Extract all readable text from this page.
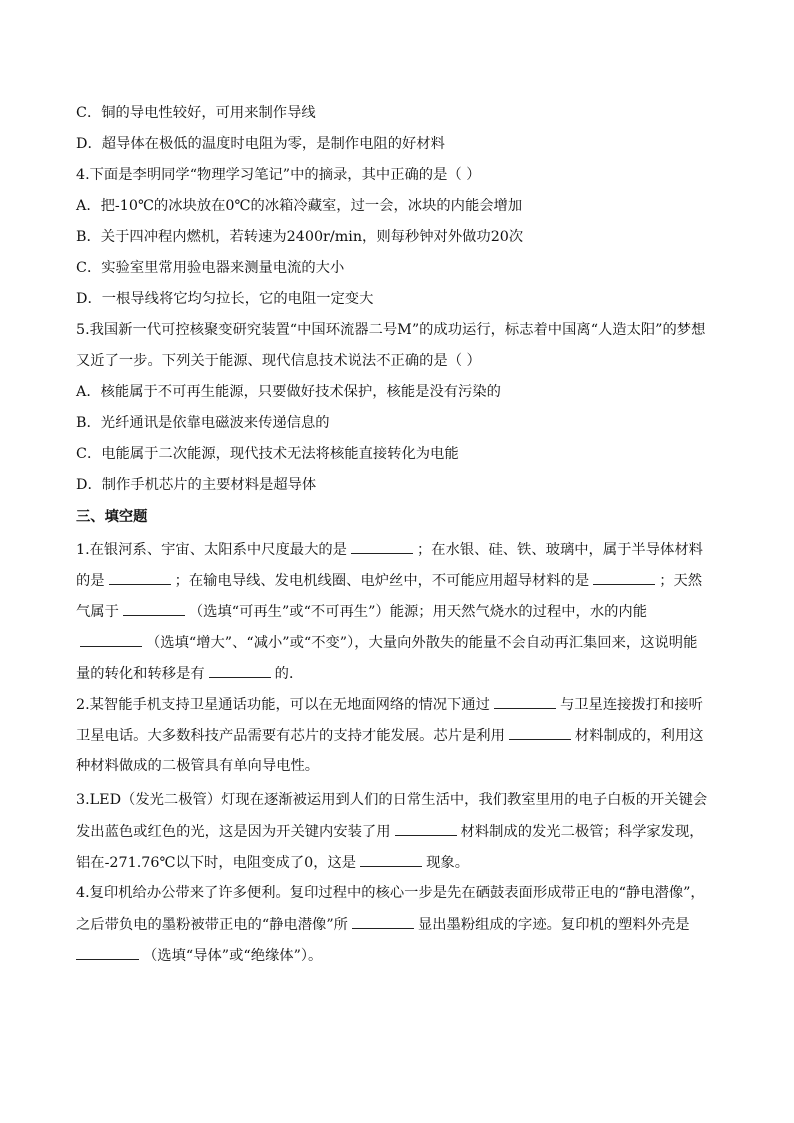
C．铜的导电性较好，可用来制作导线
D．超导体在极低的温度时电阻为零，是制作电阻的好材料
4.下面是李明同学“物理学习笔记”中的摘录，其中正确的是（ ）
A．把-10℃的冰块放在0℃的冰箱冷藏室，过一会，冰块的内能会增加
B．关于四冲程内燃机，若转速为2400r/min，则每秒钟对外做功20次
C．实验室里常用验电器来测量电流的大小
D．一根导线将它均匀拉长，它的电阻一定变大
5.我国新一代可控核聚变研究装置“中国环流器二号M”的成功运行，标志着中国离“人造太阳”的梦想
又近了一步。下列关于能源、现代信息技术说法不正确的是（ ）
A．核能属于不可再生能源，只要做好技术保护，核能是没有污染的
B．光纤通讯是依靠电磁波来传递信息的
C．电能属于二次能源，现代技术无法将核能直接转化为电能
D．制作手机芯片的主要材料是超导体
三、填空题
1.在银河系、宇宙、太阳系中尺度最大的是	；在水银、硅、铁、玻璃中，属于半导体材料
的是	；在输电导线、发电机线圈、电炉丝中，不可能应用超导材料的是	；天然
气属于	（选填“可再生”或“不可再生”）能源；用天然气烧水的过程中，水的内能
（选填“增大”、“减小”或“不变”），大量向外散失的能量不会自动再汇集回来，这说明能
量的转化和转移是有	的．
2.某智能手机支持卫星通话功能，可以在无地面网络的情况下通过	与卫星连接拨打和接听
卫星电话。大多数科技产品需要有芯片的支持才能发展。芯片是利用	材料制成的，利用这
种材料做成的二极管具有单向导电性。
3.LED（发光二极管）灯现在逐渐被运用到人们的日常生活中，我们教室里用的电子白板的开关键会
发出蓝色或红色的光，这是因为开关键内安装了用	材料制成的发光二极管；科学家发现，
铝在-271.76℃以下时，电阻变成了0，这是	现象。
4.复印机给办公带来了许多便利。复印过程中的核心一步是先在硒鼓表面形成带正电的“静电潜像”，
之后带负电的墨粉被带正电的“静电潜像”所	显出墨粉组成的字迹。复印机的塑料外壳是
（选填“导体”或“绝缘体”）。
